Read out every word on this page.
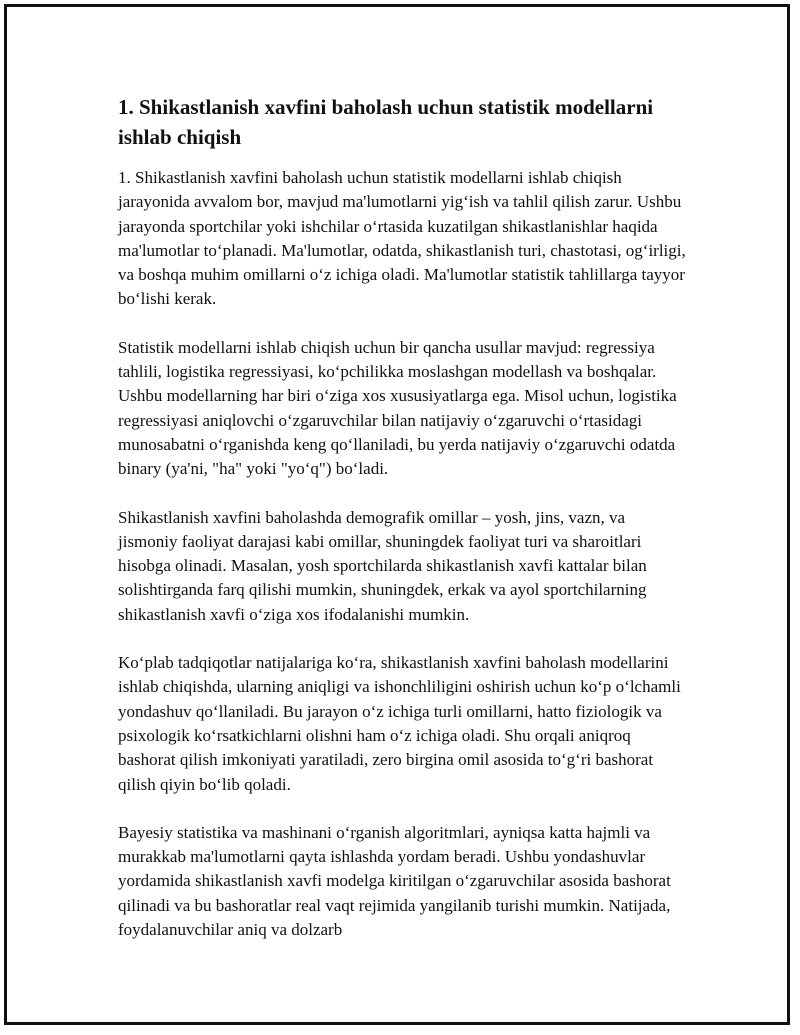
1. Shikastlanish xavfini baholash uchun statistik modellarni ishlab chiqish

1. Shikastlanish xavfini baholash uchun statistik modellarni ishlab chiqish jarayonida avvalom bor, mavjud ma'lumotlarni yig‘ish va tahlil qilish zarur. Ushbu jarayonda sportchilar yoki ishchilar o‘rtasida kuzatilgan shikastlanishlar haqida ma'lumotlar to‘planadi. Ma'lumotlar, odatda, shikastlanish turi, chastotasi, og‘irligi, va boshqa muhim omillarni o‘z ichiga oladi. Ma'lumotlar statistik tahlillarga tayyor bo‘lishi kerak.

Statistik modellarni ishlab chiqish uchun bir qancha usullar mavjud: regressiya tahlili, logistika regressiyasi, ko‘pchilikka moslashgan modellash va boshqalar. Ushbu modellarning har biri o‘ziga xos xususiyatlarga ega. Misol uchun, logistika regressiyasi aniqlovchi o‘zgaruvchilar bilan natijaviy o‘zgaruvchi o‘rtasidagi munosabatni o‘rganishda keng qo‘llaniladi, bu yerda natijaviy o‘zgaruvchi odatda binary (ya'ni, "ha" yoki "yo‘q") bo‘ladi.

Shikastlanish xavfini baholashda demografik omillar – yosh, jins, vazn, va jismoniy faoliyat darajasi kabi omillar, shuningdek faoliyat turi va sharoitlari hisobga olinadi. Masalan, yosh sportchilarda shikastlanish xavfi kattalar bilan solishtirganda farq qilishi mumkin, shuningdek, erkak va ayol sportchilarning shikastlanish xavfi o‘ziga xos ifodalanishi mumkin.

Ko‘plab tadqiqotlar natijalariga ko‘ra, shikastlanish xavfini baholash modellarini ishlab chiqishda, ularning aniqligi va ishonchliligini oshirish uchun ko‘p o‘lchamli yondashuv qo‘llaniladi. Bu jarayon o‘z ichiga turli omillarni, hatto fiziologik va psixologik ko‘rsatkichlarni olishni ham o‘z ichiga oladi. Shu orqali aniqroq bashorat qilish imkoniyati yaratiladi, zero birgina omil asosida to‘g‘ri bashorat qilish qiyin bo‘lib qoladi.

Bayesiy statistika va mashinani o‘rganish algoritmlari, ayniqsa katta hajmli va murakkab ma'lumotlarni qayta ishlashda yordam beradi. Ushbu yondashuvlar yordamida shikastlanish xavfi modelga kiritilgan o‘zgaruvchilar asosida bashorat qilinadi va bu bashoratlar real vaqt rejimida yangilanib turishi mumkin. Natijada, foydalanuvchilar aniq va dolzarb
